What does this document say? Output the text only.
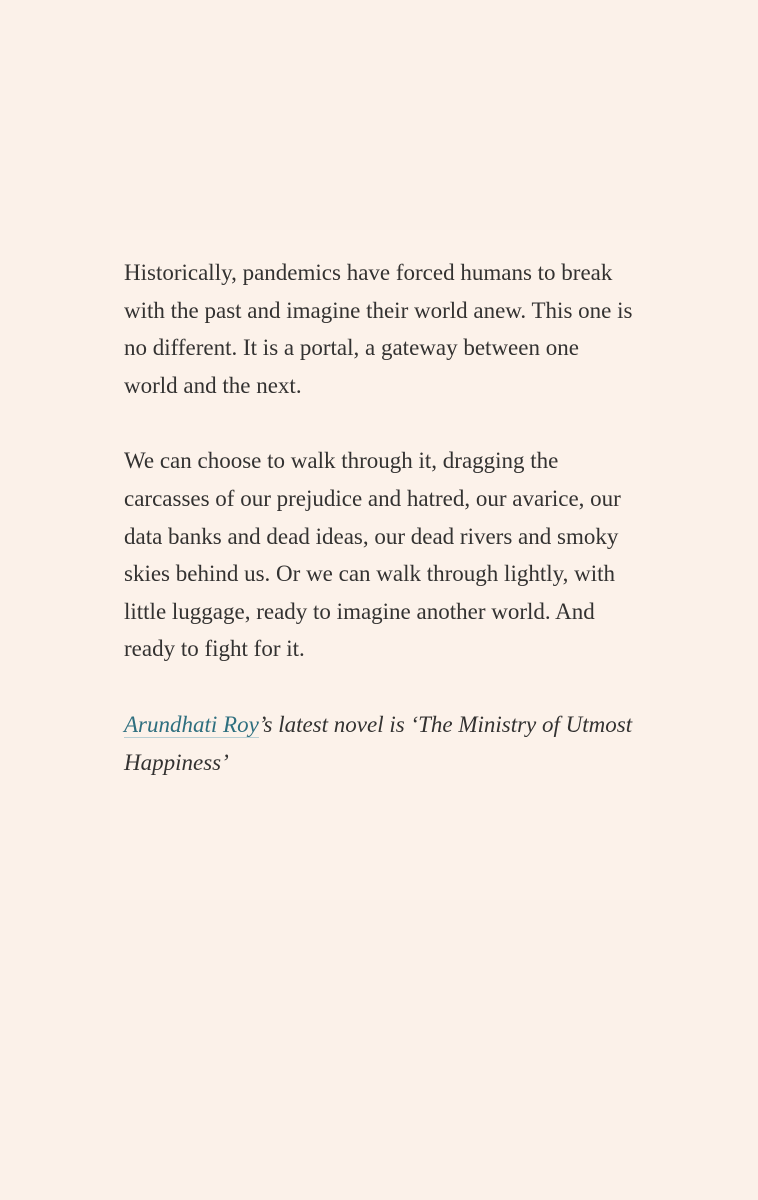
Historically, pandemics have forced humans to break with the past and imagine their world anew. This one is no different. It is a portal, a gateway between one world and the next.

We can choose to walk through it, dragging the carcasses of our prejudice and hatred, our avarice, our data banks and dead ideas, our dead rivers and smoky skies behind us. Or we can walk through lightly, with little luggage, ready to imagine another world. And ready to fight for it.

Arundhati Roy’s latest novel is ‘The Ministry of Utmost Happiness’
